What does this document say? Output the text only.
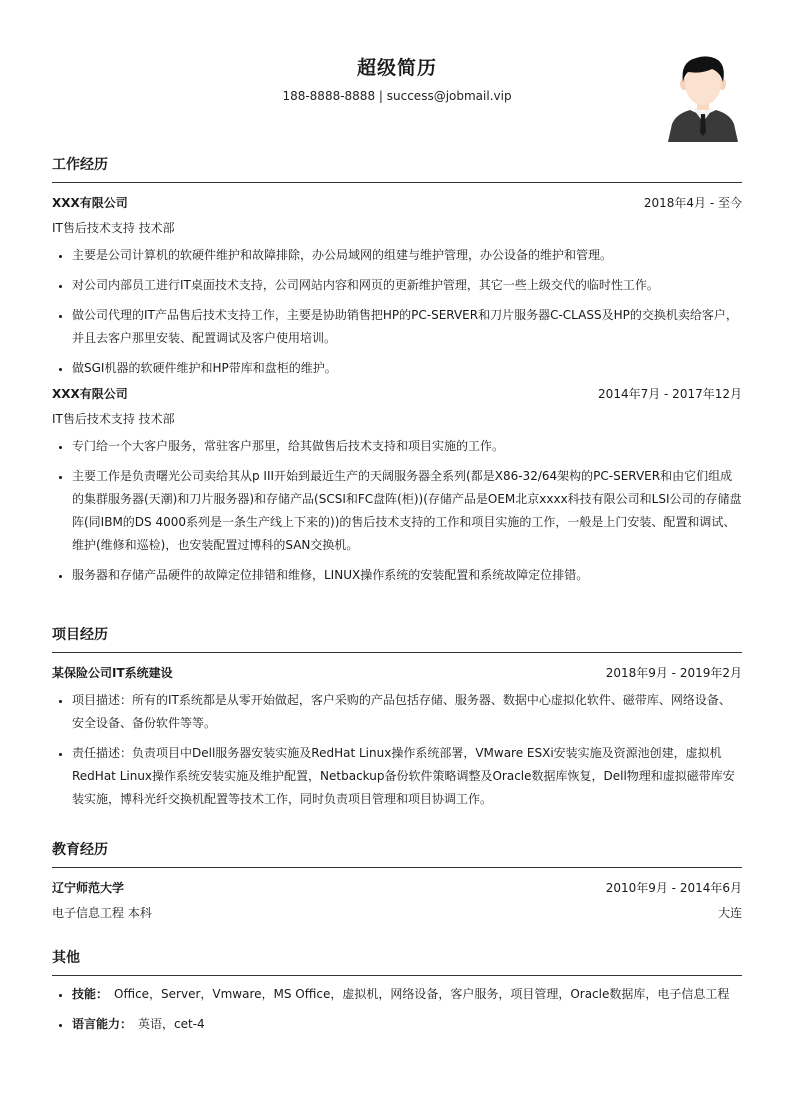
超级简历
188-8888-8888 | success@jobmail.vip
工作经历
XXX有限公司	2018年4月 - 至今
IT售后技术支持 技术部
• 主要是公司计算机的软硬件维护和故障排除，办公局域网的组建与维护管理，办公设备的维护和管理。
• 对公司内部员工进行IT桌面技术支持，公司网站内容和网页的更新维护管理，其它一些上级交代的临时性工作。
• 做公司代理的IT产品售后技术支持工作，主要是协助销售把HP的PC-SERVER和刀片服务器C-CLASS及HP的交换机卖给客户，并且去客户那里安装、配置调试及客户使用培训。
• 做SGI机器的软硬件维护和HP带库和盘柜的维护。
XXX有限公司	2014年7月 - 2017年12月
IT售后技术支持 技术部
• 专门给一个大客户服务，常驻客户那里，给其做售后技术支持和项目实施的工作。
• 主要工作是负责曙光公司卖给其从p III开始到最近生产的天阔服务器全系列(都是X86-32/64架构的PC-SERVER和由它们组成的集群服务器(天潮)和刀片服务器)和存储产品(SCSI和FC盘阵(柜))(存储产品是OEM北京xxxx科技有限公司和LSI公司的存储盘阵(同IBM的DS 4000系列是一条生产线上下来的))的售后技术支持的工作和项目实施的工作，一般是上门安装、配置和调试、维护(维修和巡检)，也安装配置过博科的SAN交换机。
• 服务器和存储产品硬件的故障定位排错和维修，LINUX操作系统的安装配置和系统故障定位排错。
项目经历
某保险公司IT系统建设	2018年9月 - 2019年2月
• 项目描述：所有的IT系统都是从零开始做起，客户采购的产品包括存储、服务器、数据中心虚拟化软件、磁带库、网络设备、安全设备、备份软件等等。
• 责任描述：负责项目中Dell服务器安装实施及RedHat Linux操作系统部署，VMware ESXi安装实施及资源池创建，虚拟机RedHat Linux操作系统安装实施及维护配置，Netbackup备份软件策略调整及Oracle数据库恢复，Dell物理和虚拟磁带库安装实施，博科光纤交换机配置等技术工作，同时负责项目管理和项目协调工作。
教育经历
辽宁师范大学	2010年9月 - 2014年6月
电子信息工程 本科	大连
其他
• 技能： Office，Server，Vmware，MS Office，虚拟机，网络设备，客户服务，项目管理，Oracle数据库，电子信息工程
• 语言能力： 英语，cet-4
